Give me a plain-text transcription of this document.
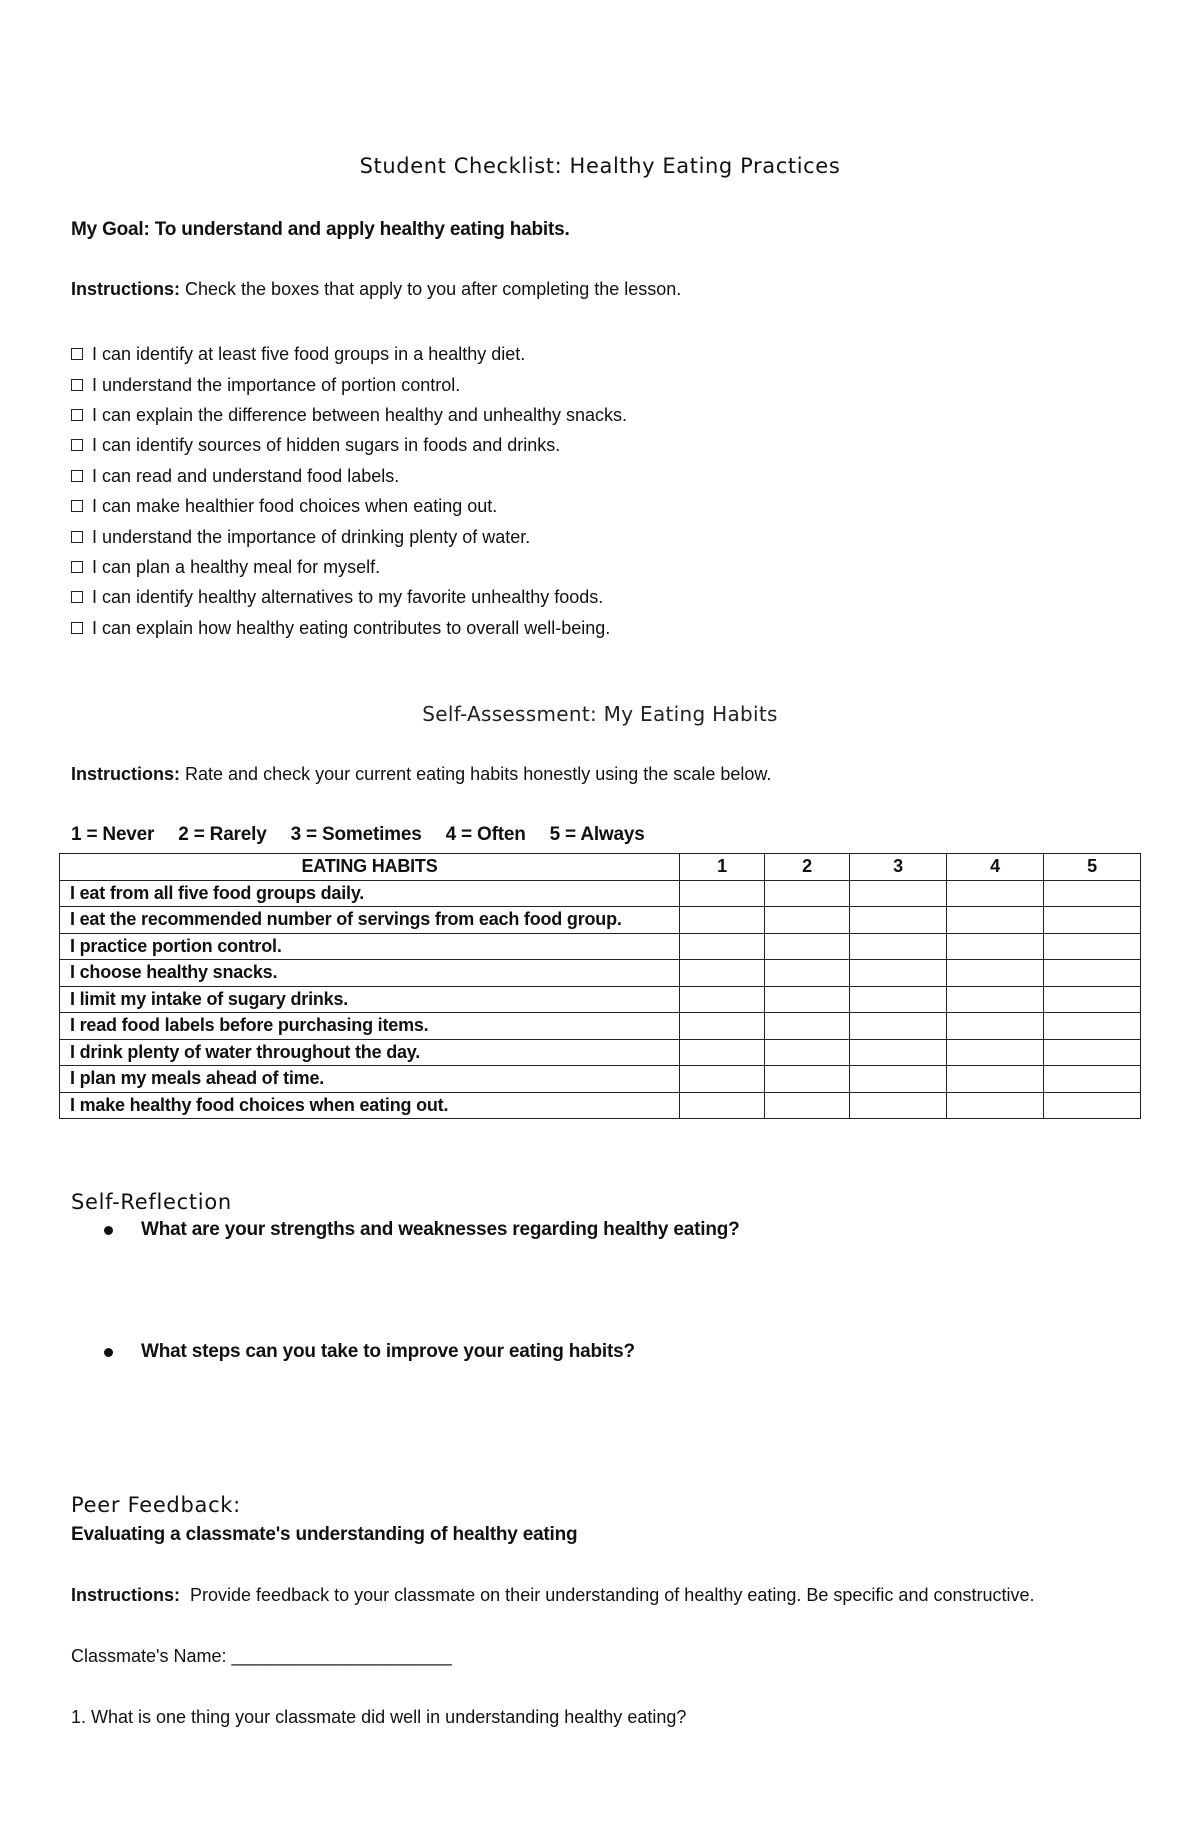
Student Checklist: Healthy Eating Practices
My Goal: To understand and apply healthy eating habits.
Instructions: Check the boxes that apply to you after completing the lesson.
I can identify at least five food groups in a healthy diet.
I understand the importance of portion control.
I can explain the difference between healthy and unhealthy snacks.
I can identify sources of hidden sugars in foods and drinks.
I can read and understand food labels.
I can make healthier food choices when eating out.
I understand the importance of drinking plenty of water.
I can plan a healthy meal for myself.
I can identify healthy alternatives to my favorite unhealthy foods.
I can explain how healthy eating contributes to overall well-being.
Self-Assessment: My Eating Habits
Instructions: Rate and check your current eating habits honestly using the scale below.
1 = Never 2 = Rarely 3 = Sometimes 4 = Often 5 = Always
EATING HABITS	1	2	3	4	5
I eat from all five food groups daily.					
I eat the recommended number of servings from each food group.					
I practice portion control.					
I choose healthy snacks.					
I limit my intake of sugary drinks.					
I read food labels before purchasing items.					
I drink plenty of water throughout the day.					
I plan my meals ahead of time.					
I make healthy food choices when eating out.					
Self-Reflection
What are your strengths and weaknesses regarding healthy eating?
What steps can you take to improve your eating habits?
Peer Feedback:
Evaluating a classmate's understanding of healthy eating
Instructions:  Provide feedback to your classmate on their understanding of healthy eating. Be specific and constructive.
Classmate's Name: ______________________
1. What is one thing your classmate did well in understanding healthy eating?
